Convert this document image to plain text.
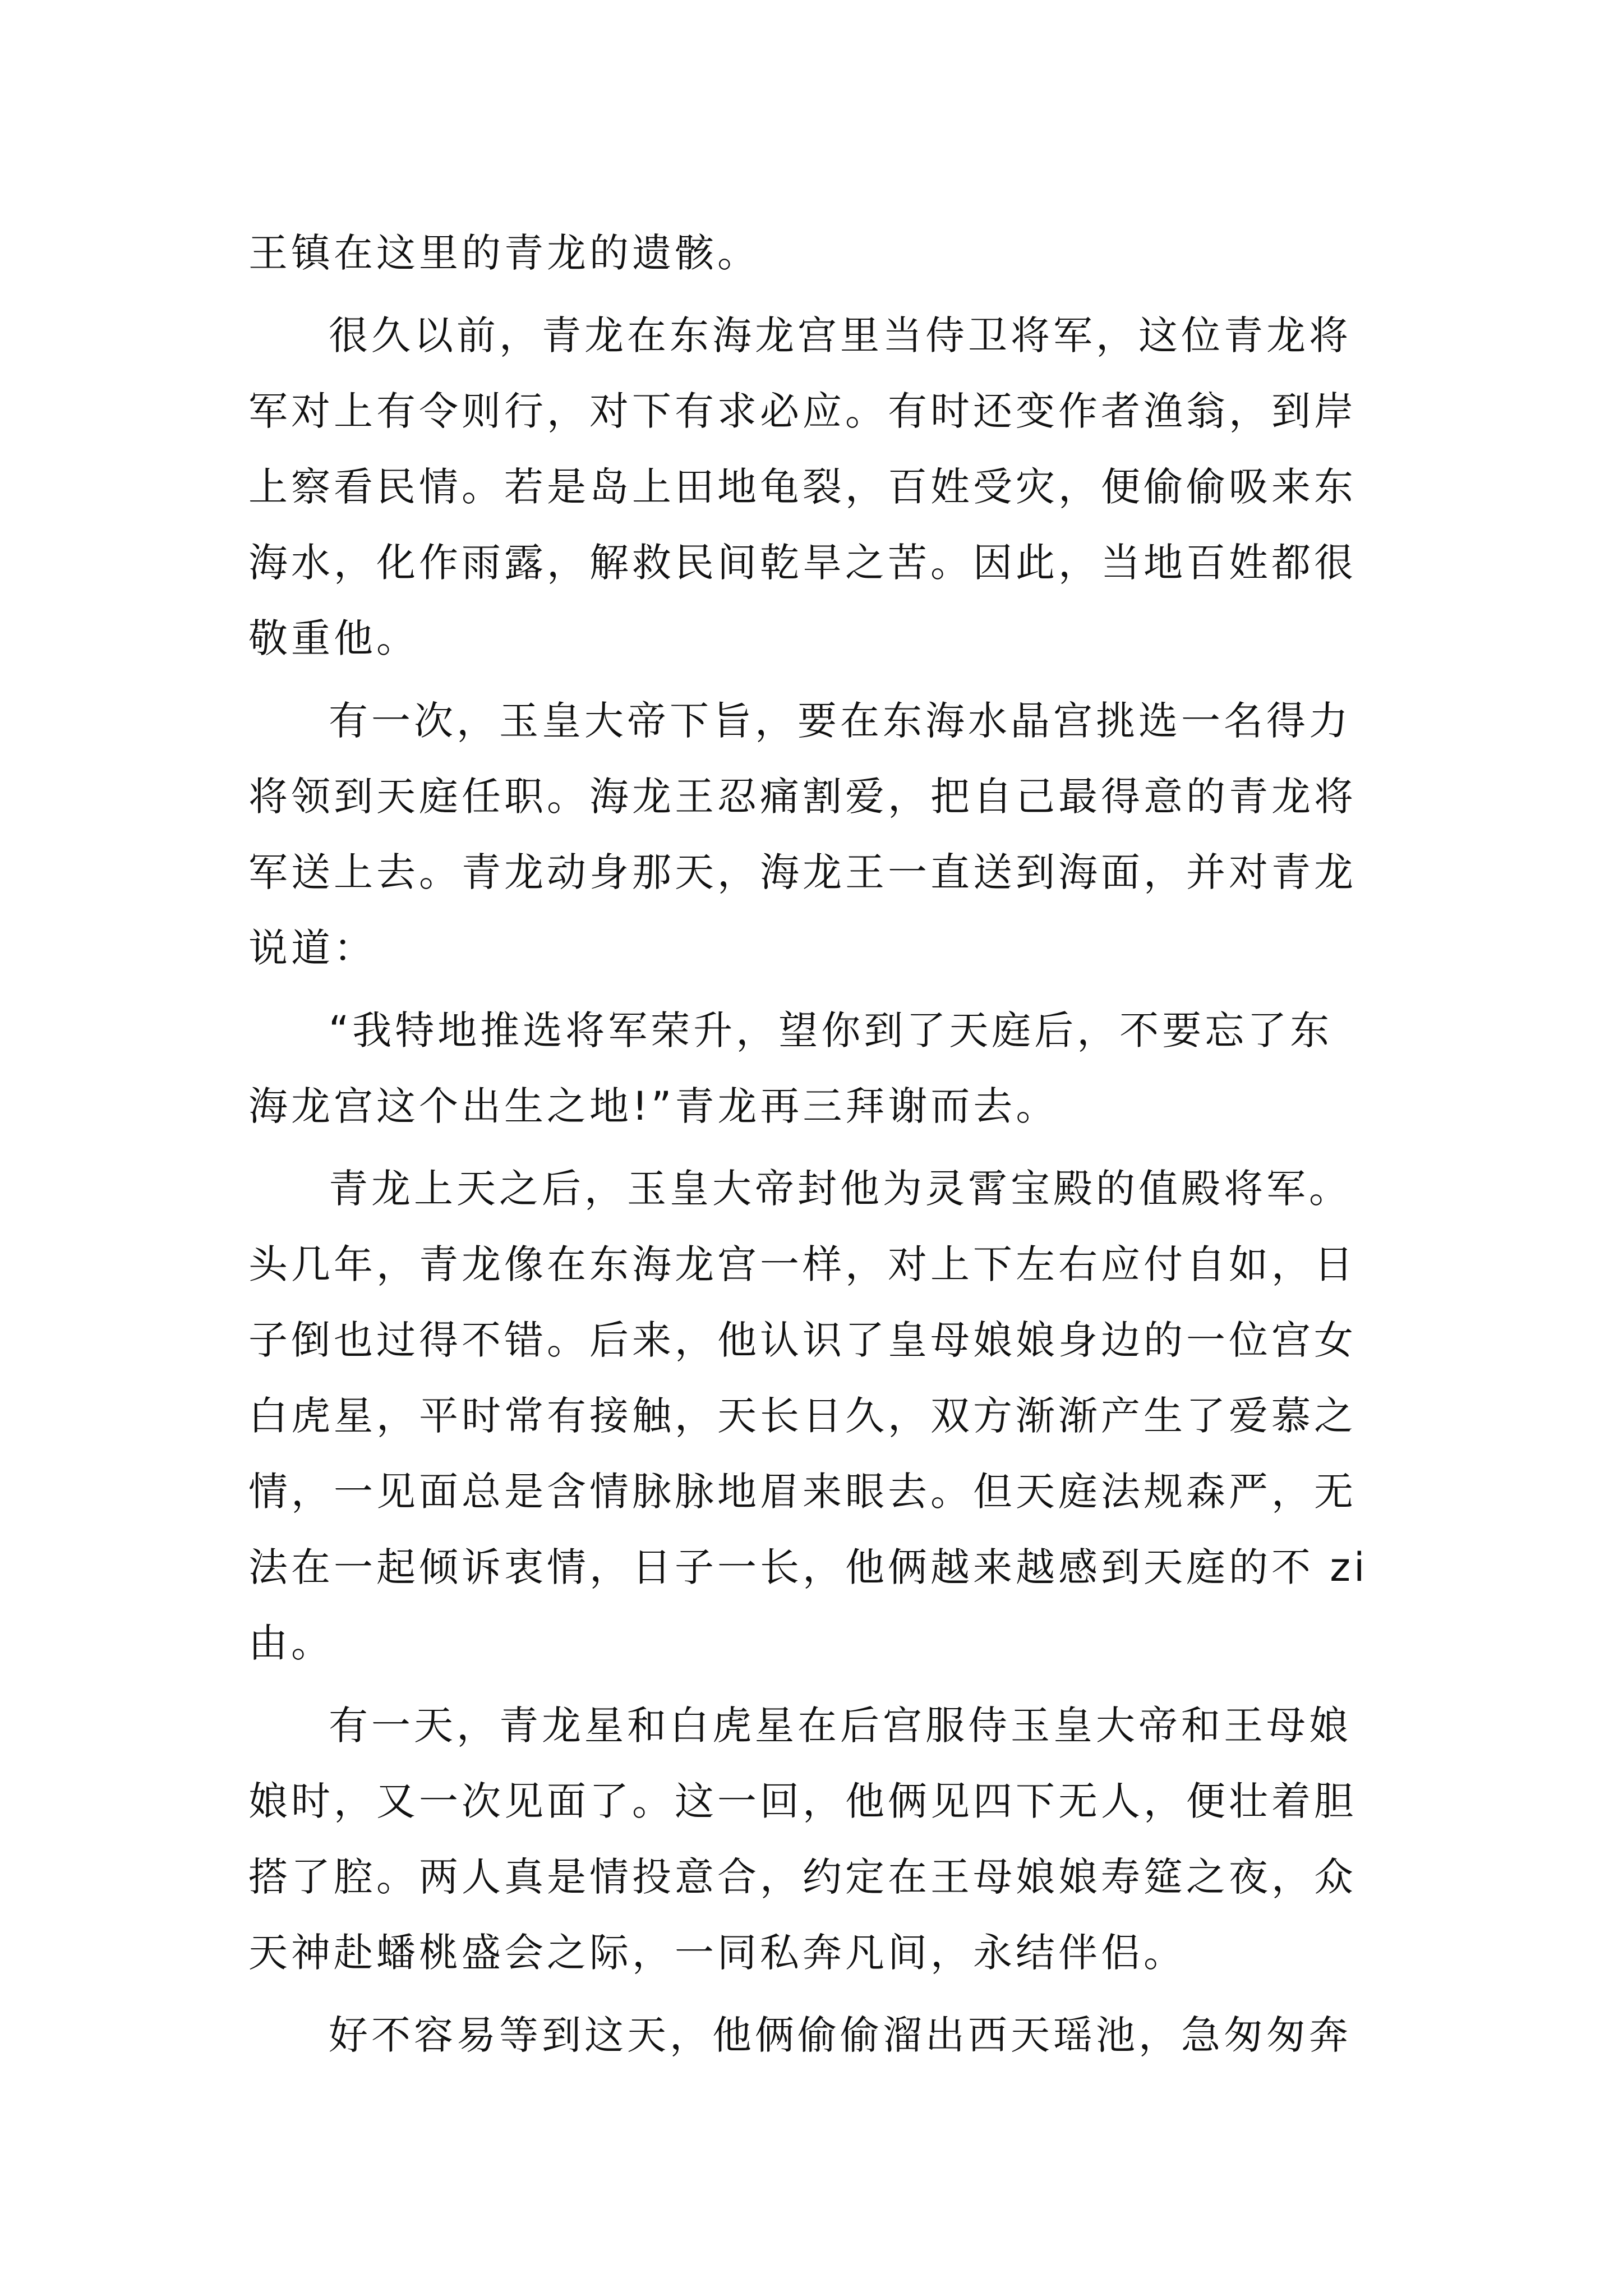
王镇在这里的青龙的遗骸。
很久以前，青龙在东海龙宫里当侍卫将军，这位青龙将
军对上有令则行，对下有求必应。有时还变作者渔翁，到岸
上察看民情。若是岛上田地龟裂，百姓受灾，便偷偷吸来东
海水，化作雨露，解救民间乾旱之苦。因此，当地百姓都很
敬重他。
有一次，玉皇大帝下旨，要在东海水晶宫挑选一名得力
将领到天庭任职。海龙王忍痛割爱，把自己最得意的青龙将
军送上去。青龙动身那天，海龙王一直送到海面，并对青龙
说道：
“我特地推选将军荣升，望你到了天庭后，不要忘了东
海龙宫这个出生之地!”青龙再三拜谢而去。
青龙上天之后，玉皇大帝封他为灵霄宝殿的值殿将军。
头几年，青龙像在东海龙宫一样，对上下左右应付自如，日
子倒也过得不错。后来，他认识了皇母娘娘身边的一位宫女
白虎星，平时常有接触，天长日久，双方渐渐产生了爱慕之
情，一见面总是含情脉脉地眉来眼去。但天庭法规森严，无
法在一起倾诉衷情，日子一长，他俩越来越感到天庭的不 zi
由。
有一天，青龙星和白虎星在后宫服侍玉皇大帝和王母娘
娘时，又一次见面了。这一回，他俩见四下无人，便壮着胆
搭了腔。两人真是情投意合，约定在王母娘娘寿筵之夜，众
天神赴蟠桃盛会之际，一同私奔凡间，永结伴侣。
好不容易等到这天，他俩偷偷溜出西天瑶池，急匆匆奔
